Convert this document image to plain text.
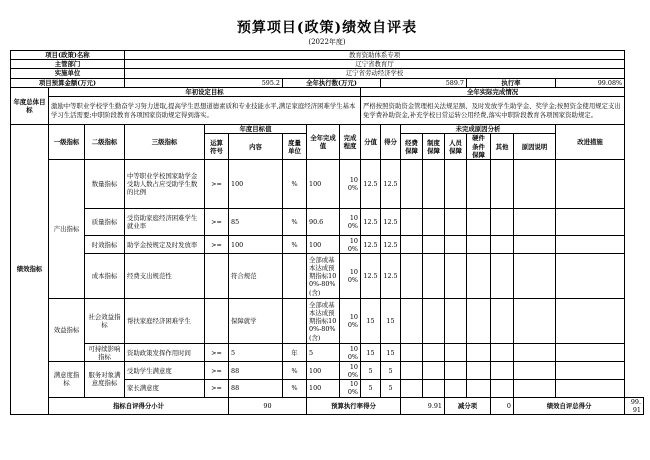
预算项目(政策)绩效自评表
(2022年度)
项目(政策)名称			教育资助体系专项															
主管部门			辽宁省教育厅															
实施单位			辽宁省劳动经济学校															
项目预算金额(万元)			595.2			全年执行数(万元)				589.7				执行率			99.08%	
年度总体目标	年初设定目标								全年实际完成情况									
	激励中等职业学校学生勤奋学习努力进取,提高学生思想道德素质和专业技能水平,满足家庭经济困难学生基本学习生活需要;中职阶段教育各项国家资助规定得到落实。								严格按照资助资金管理相关法规足额、及时发放学生助学金、奖学金;按照资金使用规定支出免学费补助资金,补充学校日常运转公用经费,落实中职阶段教育各项国家资助规定。									
绩效指标	一级指标	二级指标	三级指标	年度目标值			全年完成值	完成程度	分值	得分	未完成原因分析						改进措施	
				运算符号	内容	度量单位					经费保障	制度保障	人员保障	硬件条件保障	其他	原因说明		
	产出指标	数量指标	中等职业学校国家助学金受助人数占应受助学生数的比例	>=	100	%	100	100%	12.5	12.5								
		质量指标	受资助家庭经济困难学生就业率	>=	85	%	90.6	100%	12.5	12.5								
		时效指标	助学金按规定及时发放率	>=	100	%	100	100%	12.5	12.5								
		成本指标	经费支出规范性		符合规范		全部或基本达成预期指标100%-80%(含)	100%	12.5	12.5								
	效益指标	社会效益指标	帮扶家庭经济困难学生		保障就学		全部或基本达成预期指标100%-80%(含)	100%	15	15								
		可持续影响指标	资助政策发挥作用时间	>=	5	年	5	100%	15	15								
	满意度指标	服务对象满意度指标	受助学生满意度	>=	88	%	100	100%	5	5								
			家长满意度	>=	88	%	100	100%	5	5								
	指标自评得分小计				90		预算执行率得分				9.91		减分项		0	绩效自评总得分		99.91
